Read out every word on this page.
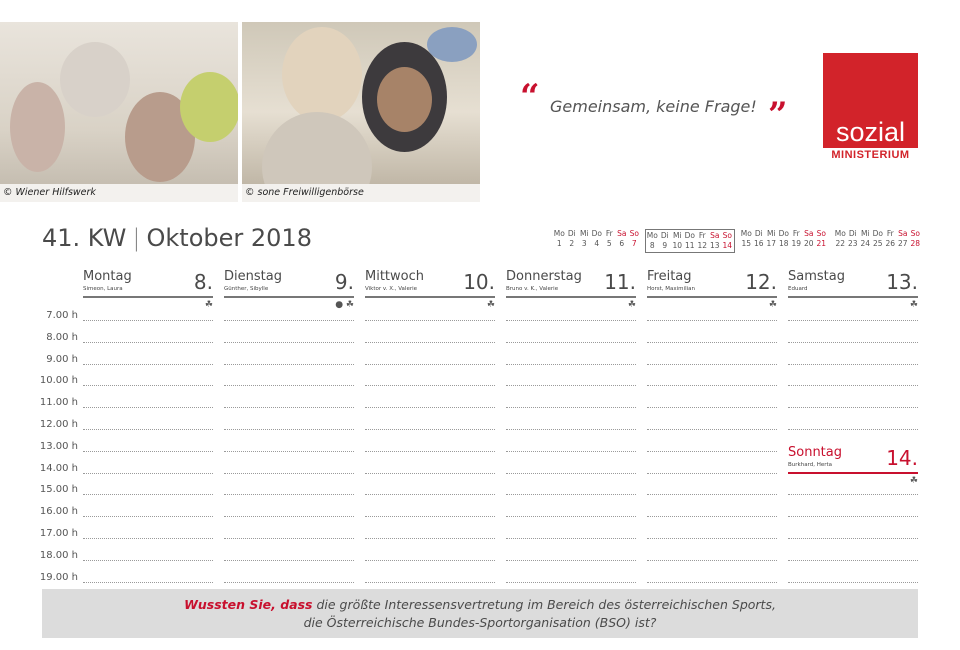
© Wiener Hilfswerk	© sone Freiwilligenbörse
“ Gemeinsam, keine Frage! ”	sozial
MINISTERIUM
41. KW | Oktober 2018	Mo Di Mi Do Fr Sa So
1	2	3	4	5	6	7
Mo Di Mi Do Fr Sa So
8	9 10 11 12 13 14
Mo Di Mi Do Fr Sa So
15 16 17 18 19 20 21
Mo Di Mi Do Fr Sa So
22 23 24 25 26 27 28
Montag	8.
Simeon, Laura
☘
Dienstag	9.
Günther, Sibylle
● ☘
Mittwoch 10.
Viktor v. X., Valerie
☘
Donnerstag 11.
Bruno v. K., Valerie
☘
Freitag	12.
Horst, Maximilian
☘
Samstag 13.
Eduard
☘
Sonntag 14.
Burkhard, Herta
☘
7.00 h
8.00 h
9.00 h
10.00 h
11.00 h
12.00 h
13.00 h
14.00 h
15.00 h
16.00 h
17.00 h
18.00 h
19.00 h
Wussten Sie, dass die größte Interessensvertretung im Bereich des österreichischen Sports,
die Österreichische Bundes-Sportorganisation (BSO) ist?
